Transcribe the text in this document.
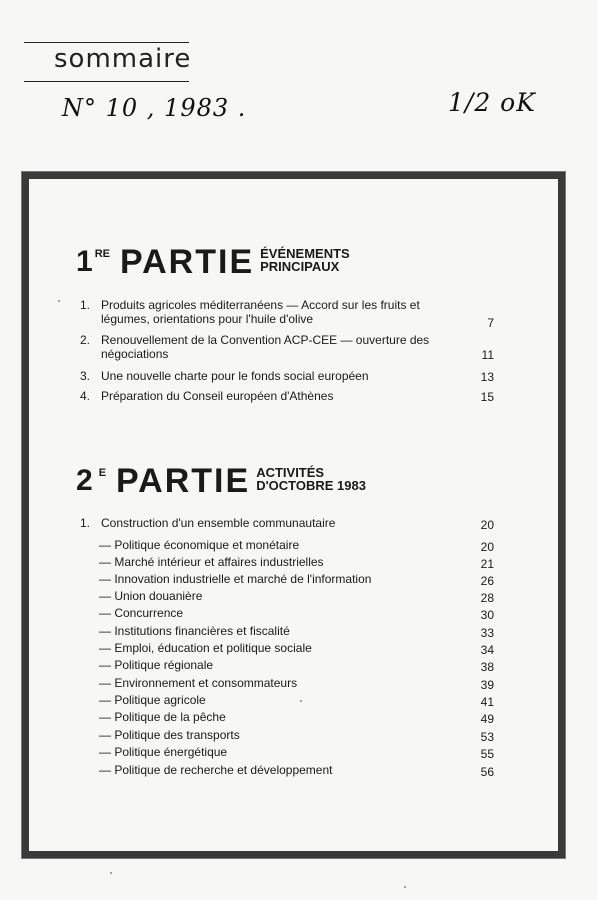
sommaire
N° 10 , 1983 .	1/2 oK
1 RE PARTIE ÉVÉNEMENTS
PRINCIPAUX
1. Produits agricoles méditerranéens — Accord sur les fruits et légumes, orientations pour l'huile d'olive	7
2. Renouvellement de la Convention ACP-CEE — ouverture des négociations	11
3. Une nouvelle charte pour le fonds social européen	13
4. Préparation du Conseil européen d'Athènes	15
2 E PARTIE ACTIVITÉS
D'OCTOBRE 1983
1. Construction d'un ensemble communautaire	20
— Politique économique et monétaire	20
— Marché intérieur et affaires industrielles	21
— Innovation industrielle et marché de l'information	26
— Union douanière	28
— Concurrence	30
— Institutions financières et fiscalité	33
— Emploi, éducation et politique sociale	34
— Politique régionale	38
— Environnement et consommateurs	39
— Politique agricole	41
— Politique de la pêche	49
— Politique des transports	53
— Politique énergétique	55
— Politique de recherche et développement	56
